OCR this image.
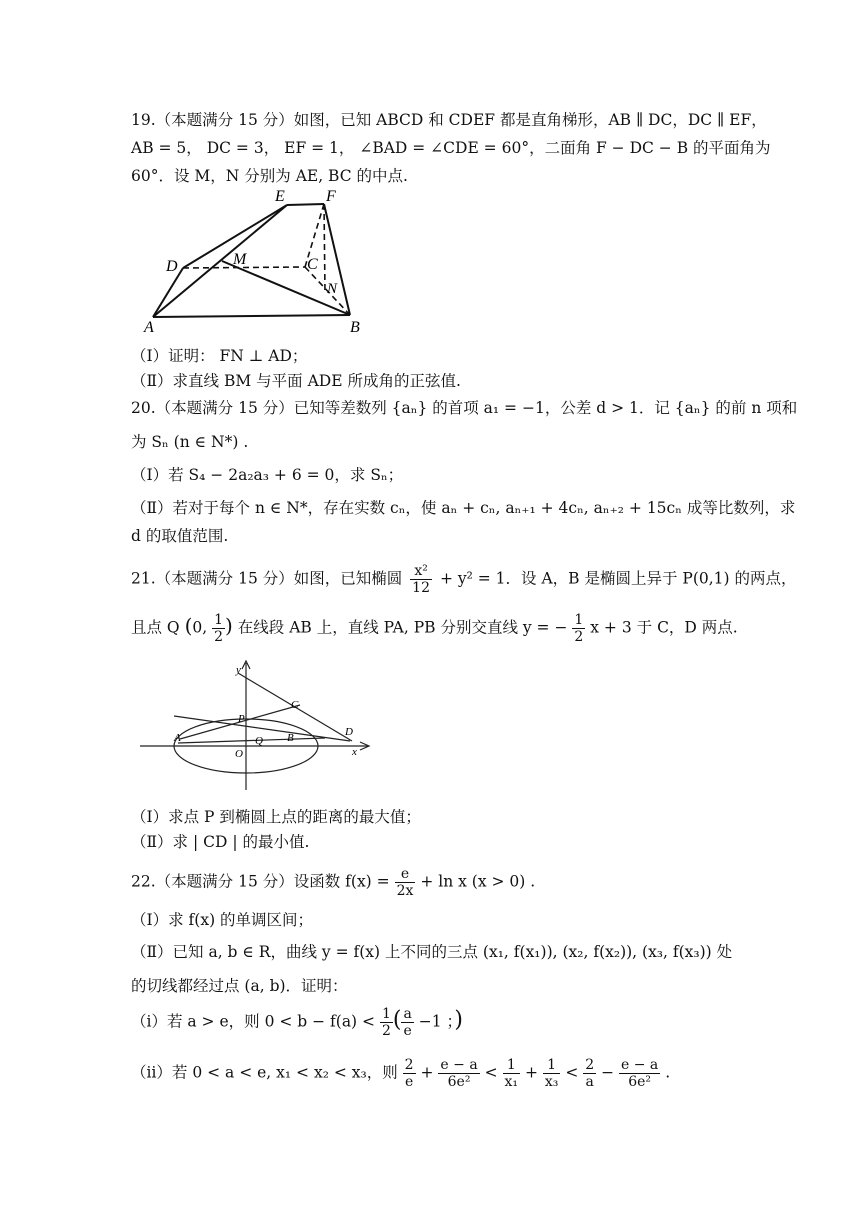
19.（本题满分 15 分）如图，已知 ABCD 和 CDEF 都是直角梯形，AB ∥ DC，DC ∥ EF，
AB = 5， DC = 3， EF = 1， ∠BAD = ∠CDE = 60°，二面角 F − DC − B 的平面角为
60°．设 M，N 分别为 AE, BC 的中点.
A	B
D
E	F
M	C
N
（Ⅰ）证明： FN ⊥ AD；
（Ⅱ）求直线 BM 与平面 ADE 所成角的正弦值.
20.（本题满分 15 分）已知等差数列 {aₙ} 的首项 a₁ = −1，公差 d > 1．记 {aₙ} 的前 n 项和
为 Sₙ (n ∈ N*) .
（Ⅰ）若 S₄ − 2a₂a₃ + 6 = 0，求 Sₙ；
（Ⅱ）若对于每个 n ∈ N*，存在实数 cₙ，使 aₙ + cₙ, aₙ₊₁ + 4cₙ, aₙ₊₂ + 15cₙ 成等比数列，求
d 的取值范围.
21.（本题满分 15 分）如图，已知椭圆 $\frac{\text{x²}}{12} + y^2 = 1$．设 A，B 是椭圆上异于 P(0,1) 的两点，
且点 Q (0, $\frac{1}{2}$ ) 在线段 AB 上，直线 PA, PB 分别交直线 y = − $\frac{1}{2}$ x + 3 于 C，D 两点.
y
x
P
C
D
A	Q B
O
（Ⅰ）求点 P 到椭圆上点的距离的最大值；
（Ⅱ）求 | CD | 的最小值.
22.（本题满分 15 分）设函数 $f(x) = \frac{e}{2x} + \ln x$ (x > 0) .
（Ⅰ）求 f(x) 的单调区间；
（Ⅱ）已知 a, b ∈ R，曲线 y = f(x) 上不同的三点 (x₁, f(x₁)), (x₂, f(x₂)), (x₃, f(x₃)) 处
的切线都经过点 (a, b)．证明：
（ⅰ）若 a > e，则 $0 < b - f(a) < \frac{1}{2}$ ( $\frac{a}{e} -1$ ；)
（ⅱ）若 0 < a < e, x₁ < x₂ < x₃，则 $\frac{2}{e} + \frac{e - a}{\text{6e²}} < \frac{1}{\text{x₁}} + \frac{1}{\text{x₃}} < \frac{2}{a} - \frac{e - a}{\text{6e²}}$ .
